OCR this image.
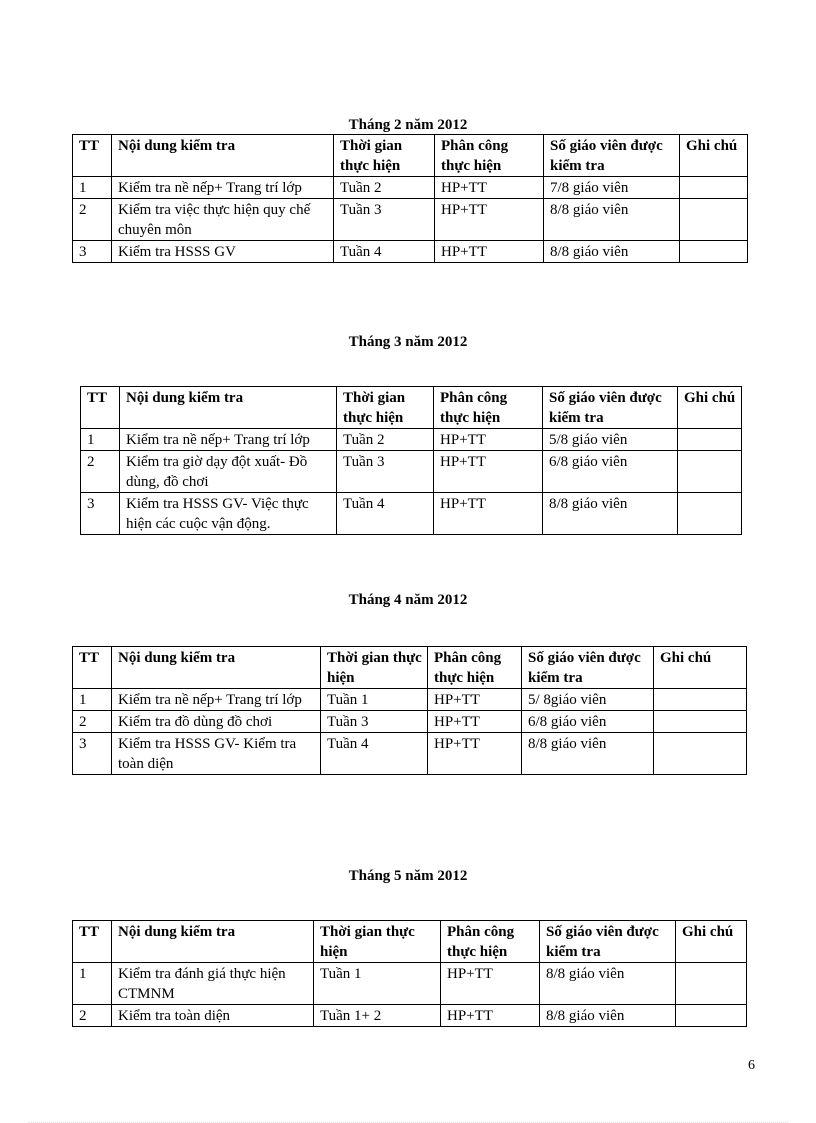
Tháng 2 năm 2012
TT	Nội dung kiểm tra	Thời gian thực hiện	Phân công thực hiện	Số giáo viên được kiểm tra	Ghi chú
1	Kiểm tra nề nếp+ Trang trí lớp	Tuần 2	HP+TT	7/8 giáo viên	
2	Kiểm tra việc thực hiện quy chế chuyên môn	Tuần 3	HP+TT	8/8 giáo viên	
3	Kiểm tra HSSS GV	Tuần 4	HP+TT	8/8 giáo viên	
Tháng 3 năm 2012
TT	Nội dung kiểm tra	Thời gian thực hiện	Phân công thực hiện	Số giáo viên được kiểm tra	Ghi chú
1	Kiểm tra nề nếp+ Trang trí lớp	Tuần 2	HP+TT	5/8 giáo viên	
2	Kiểm tra giờ dạy đột xuất- Đồ dùng, đồ chơi	Tuần 3	HP+TT	6/8 giáo viên	
3	Kiểm tra HSSS GV- Việc thực hiện các cuộc vận động.	Tuần 4	HP+TT	8/8 giáo viên	
Tháng 4 năm 2012
TT	Nội dung kiểm tra	Thời gian thực hiện	Phân công thực hiện	Số giáo viên được kiểm tra	Ghi chú
1	Kiểm tra nề nếp+ Trang trí lớp	Tuần 1	HP+TT	5/ 8giáo viên	
2	Kiểm tra đồ dùng đồ chơi	Tuần 3	HP+TT	6/8 giáo viên	
3	Kiểm tra HSSS GV- Kiểm tra toàn diện	Tuần 4	HP+TT	8/8 giáo viên	
Tháng 5 năm 2012
TT	Nội dung kiểm tra	Thời gian thực hiện	Phân công thực hiện	Số giáo viên được kiểm tra	Ghi chú
1	Kiểm tra đánh giá thực hiện CTMNM	Tuần 1	HP+TT	8/8 giáo viên	
2	Kiểm tra toàn diện	Tuần 1+ 2	HP+TT	8/8 giáo viên	
6
